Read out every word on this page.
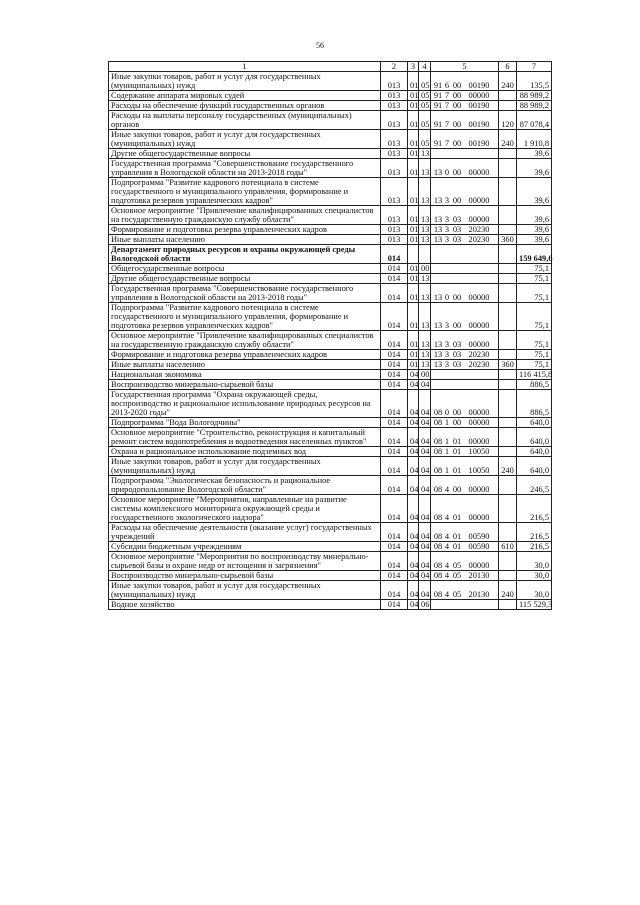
56
1	2	3	4	5	6	7
Иные закупки товаров, работ и услуг для государственных (муниципальных) нужд	013	01	05	91 6 00 00190	240	135,5
Содержание аппарата мировых судей	013	01	05	91 7 00 00000		88 989,2
Расходы на обеспечение функций государственных органов	013	01	05	91 7 00 00190		88 989,2
Расходы на выплаты персоналу государственных (муниципальных) органов	013	01	05	91 7 00 00190	120	87 078,4
Иные закупки товаров, работ и услуг для государственных (муниципальных) нужд	013	01	05	91 7 00 00190	240	1 910,8
Другие общегосударственные вопросы	013	01	13			39,6
Государственная программа "Совершенствование государственного управления в Вологодской области на 2013-2018 годы"	013	01	13	13 0 00 00000		39,6
Подпрограмма "Развитие кадрового потенциала в системе государственного и муниципального управления, формирование и подготовка резервов управленческих кадров"	013	01	13	13 3 00 00000		39,6
Основное мероприятие "Привлечение квалифицированных специалистов на государственную гражданскую службу области"	013	01	13	13 3 03 00000		39,6
Формирование и подготовка резерва управленческих кадров	013	01	13	13 3 03 20230		39,6
Иные выплаты населению	013	01	13	13 3 03 20230	360	39,6
Департамент природных ресурсов и охраны окружающей среды Вологодской области	014					159 649,6
Общегосударственные вопросы	014	01	00			75,1
Другие общегосударственные вопросы	014	01	13			75,1
Государственная программа "Совершенствование государственного управления в Вологодской области на 2013-2018 годы"	014	01	13	13 0 00 00000		75,1
Подпрограмма "Развитие кадрового потенциала в системе государственного и муниципального управления, формирование и подготовка резервов управленческих кадров"	014	01	13	13 3 00 00000		75,1
Основное мероприятие "Привлечение квалифицированных специалистов на государственную гражданскую службу области"	014	01	13	13 3 03 00000		75,1
Формирование и подготовка резерва управленческих кадров	014	01	13	13 3 03 20230		75,1
Иные выплаты населению	014	01	13	13 3 03 20230	360	75,1
Национальная экономика	014	04	00			116 415,8
Воспроизводство минерально-сырьевой базы	014	04	04			886,5
Государственная программа "Охрана окружающей среды, воспроизводство и рациональное использование природных ресурсов на 2013-2020 годы"	014	04	04	08 0 00 00000		886,5
Подпрограмма "Вода Вологодчины"	014	04	04	08 1 00 00000		640,0
Основное мероприятие "Строительство, реконструкция и капитальный ремонт систем водопотребления и водоотведения населенных пунктов"	014	04	04	08 1 01 00000		640,0
Охрана и рациональное использование подземных вод	014	04	04	08 1 01 10050		640,0
Иные закупки товаров, работ и услуг для государственных (муниципальных) нужд	014	04	04	08 1 01 10050	240	640,0
Подпрограмма "Экологическая безопасность и рациональное природопользование Вологодской области"	014	04	04	08 4 00 00000		246,5
Основное мероприятие "Мероприятия, направленные на развитие системы комплексного мониторинга окружающей среды и государственного экологического надзора"	014	04	04	08 4 01 00000		216,5
Расходы на обеспечение деятельности (оказание услуг) государственных учреждений	014	04	04	08 4 01 00590		216,5
Субсидии бюджетным учреждениям	014	04	04	08 4 01 00590	610	216,5
Основное мероприятие "Мероприятия по воспроизводству минерально-сырьевой базы и охране недр от истощения и загрязнения"	014	04	04	08 4 05 00000		30,0
Воспроизводство минерально-сырьевой базы	014	04	04	08 4 05 20130		30,0
Иные закупки товаров, работ и услуг для государственных (муниципальных) нужд	014	04	04	08 4 05 20130	240	30,0
Водное хозяйство	014	04	06			115 529,3
